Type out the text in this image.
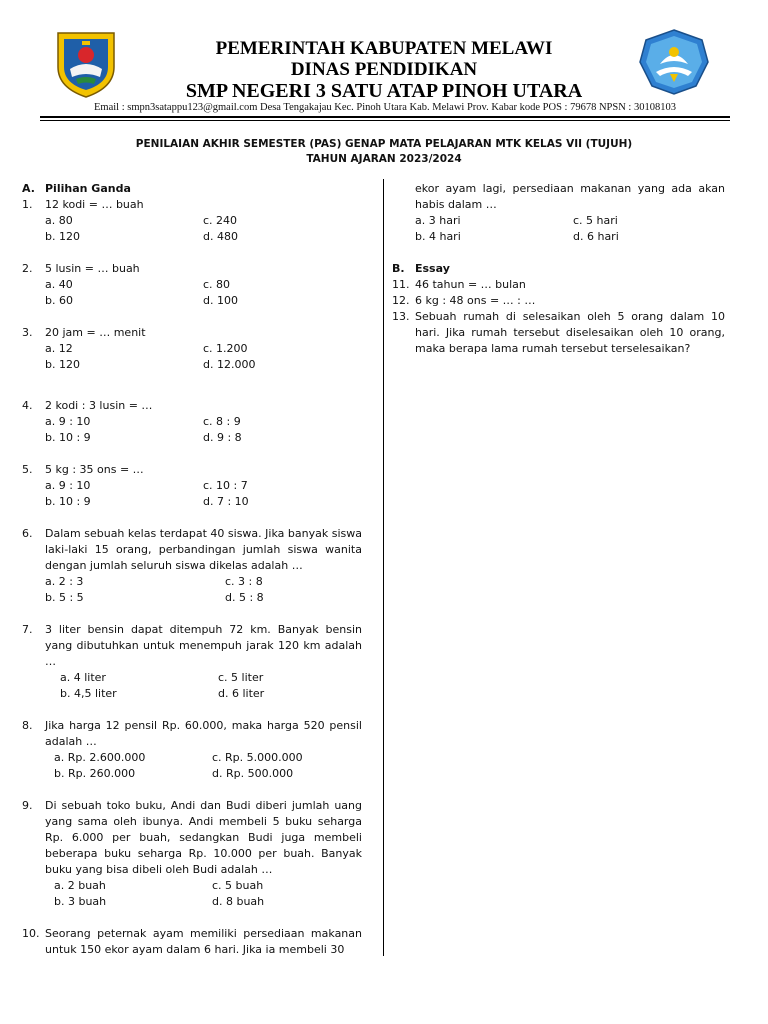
PEMERINTAH KABUPATEN MELAWI
DINAS PENDIDIKAN
SMP NEGERI 3 SATU ATAP PINOH UTARA
Email : smpn3satappu123@gmail.com Desa Tengakajau Kec. Pinoh Utara Kab. Melawi Prov. Kabar kode POS : 79678 NPSN : 30108103
PENILAIAN AKHIR SEMESTER (PAS) GENAP MATA PELAJARAN MTK KELAS VII (TUJUH)
TAHUN AJARAN 2023/2024
A. Pilihan Ganda
1.	12 kodi = … buah
a. 80	c. 240
b. 120	d. 480
2.	5 lusin = … buah
a. 40	c. 80
b. 60	d. 100
3.	20 jam = … menit
a. 12	c. 1.200
b. 120	d. 12.000
4.	2 kodi : 3 lusin = …
a. 9 : 10	c. 8 : 9
b. 10 : 9	d. 9 : 8
5.	5 kg : 35 ons = …
a. 9 : 10	c. 10 : 7
b. 10 : 9	d. 7 : 10
6.	Dalam sebuah kelas terdapat 40 siswa. Jika banyak siswa laki-laki 15 orang, perbandingan jumlah siswa wanita dengan jumlah seluruh siswa dikelas adalah …
a. 2 : 3	c. 3 : 8
b. 5 : 5	d. 5 : 8
7.	3 liter bensin dapat ditempuh 72 km. Banyak bensin yang dibutuhkan untuk menempuh jarak 120 km adalah …
a. 4 liter	c. 5 liter
b. 4,5 liter	d. 6 liter
8.	Jika harga 12 pensil Rp. 60.000, maka harga 520 pensil adalah …
a. Rp. 2.600.000	c. Rp. 5.000.000
b. Rp. 260.000	d. Rp. 500.000
9.	Di sebuah toko buku, Andi dan Budi diberi jumlah uang yang sama oleh ibunya. Andi membeli 5 buku seharga Rp. 6.000 per buah, sedangkan Budi juga membeli beberapa buku seharga Rp. 10.000 per buah. Banyak buku yang bisa dibeli oleh Budi adalah …
a. 2 buah	c. 5 buah
b. 3 buah	d. 8 buah
10. Seorang peternak ayam memiliki persediaan makanan untuk 150 ekor ayam dalam 6 hari. Jika ia membeli 30
ekor ayam lagi, persediaan makanan yang ada akan habis dalam …
a. 3 hari	c. 5 hari
b. 4 hari	d. 6 hari
B. Essay
11. 46 tahun = … bulan
12. 6 kg : 48 ons = … : …
13. Sebuah rumah di selesaikan oleh 5 orang dalam 10 hari. Jika rumah tersebut diselesaikan oleh 10 orang, maka berapa lama rumah tersebut terselesaikan?
